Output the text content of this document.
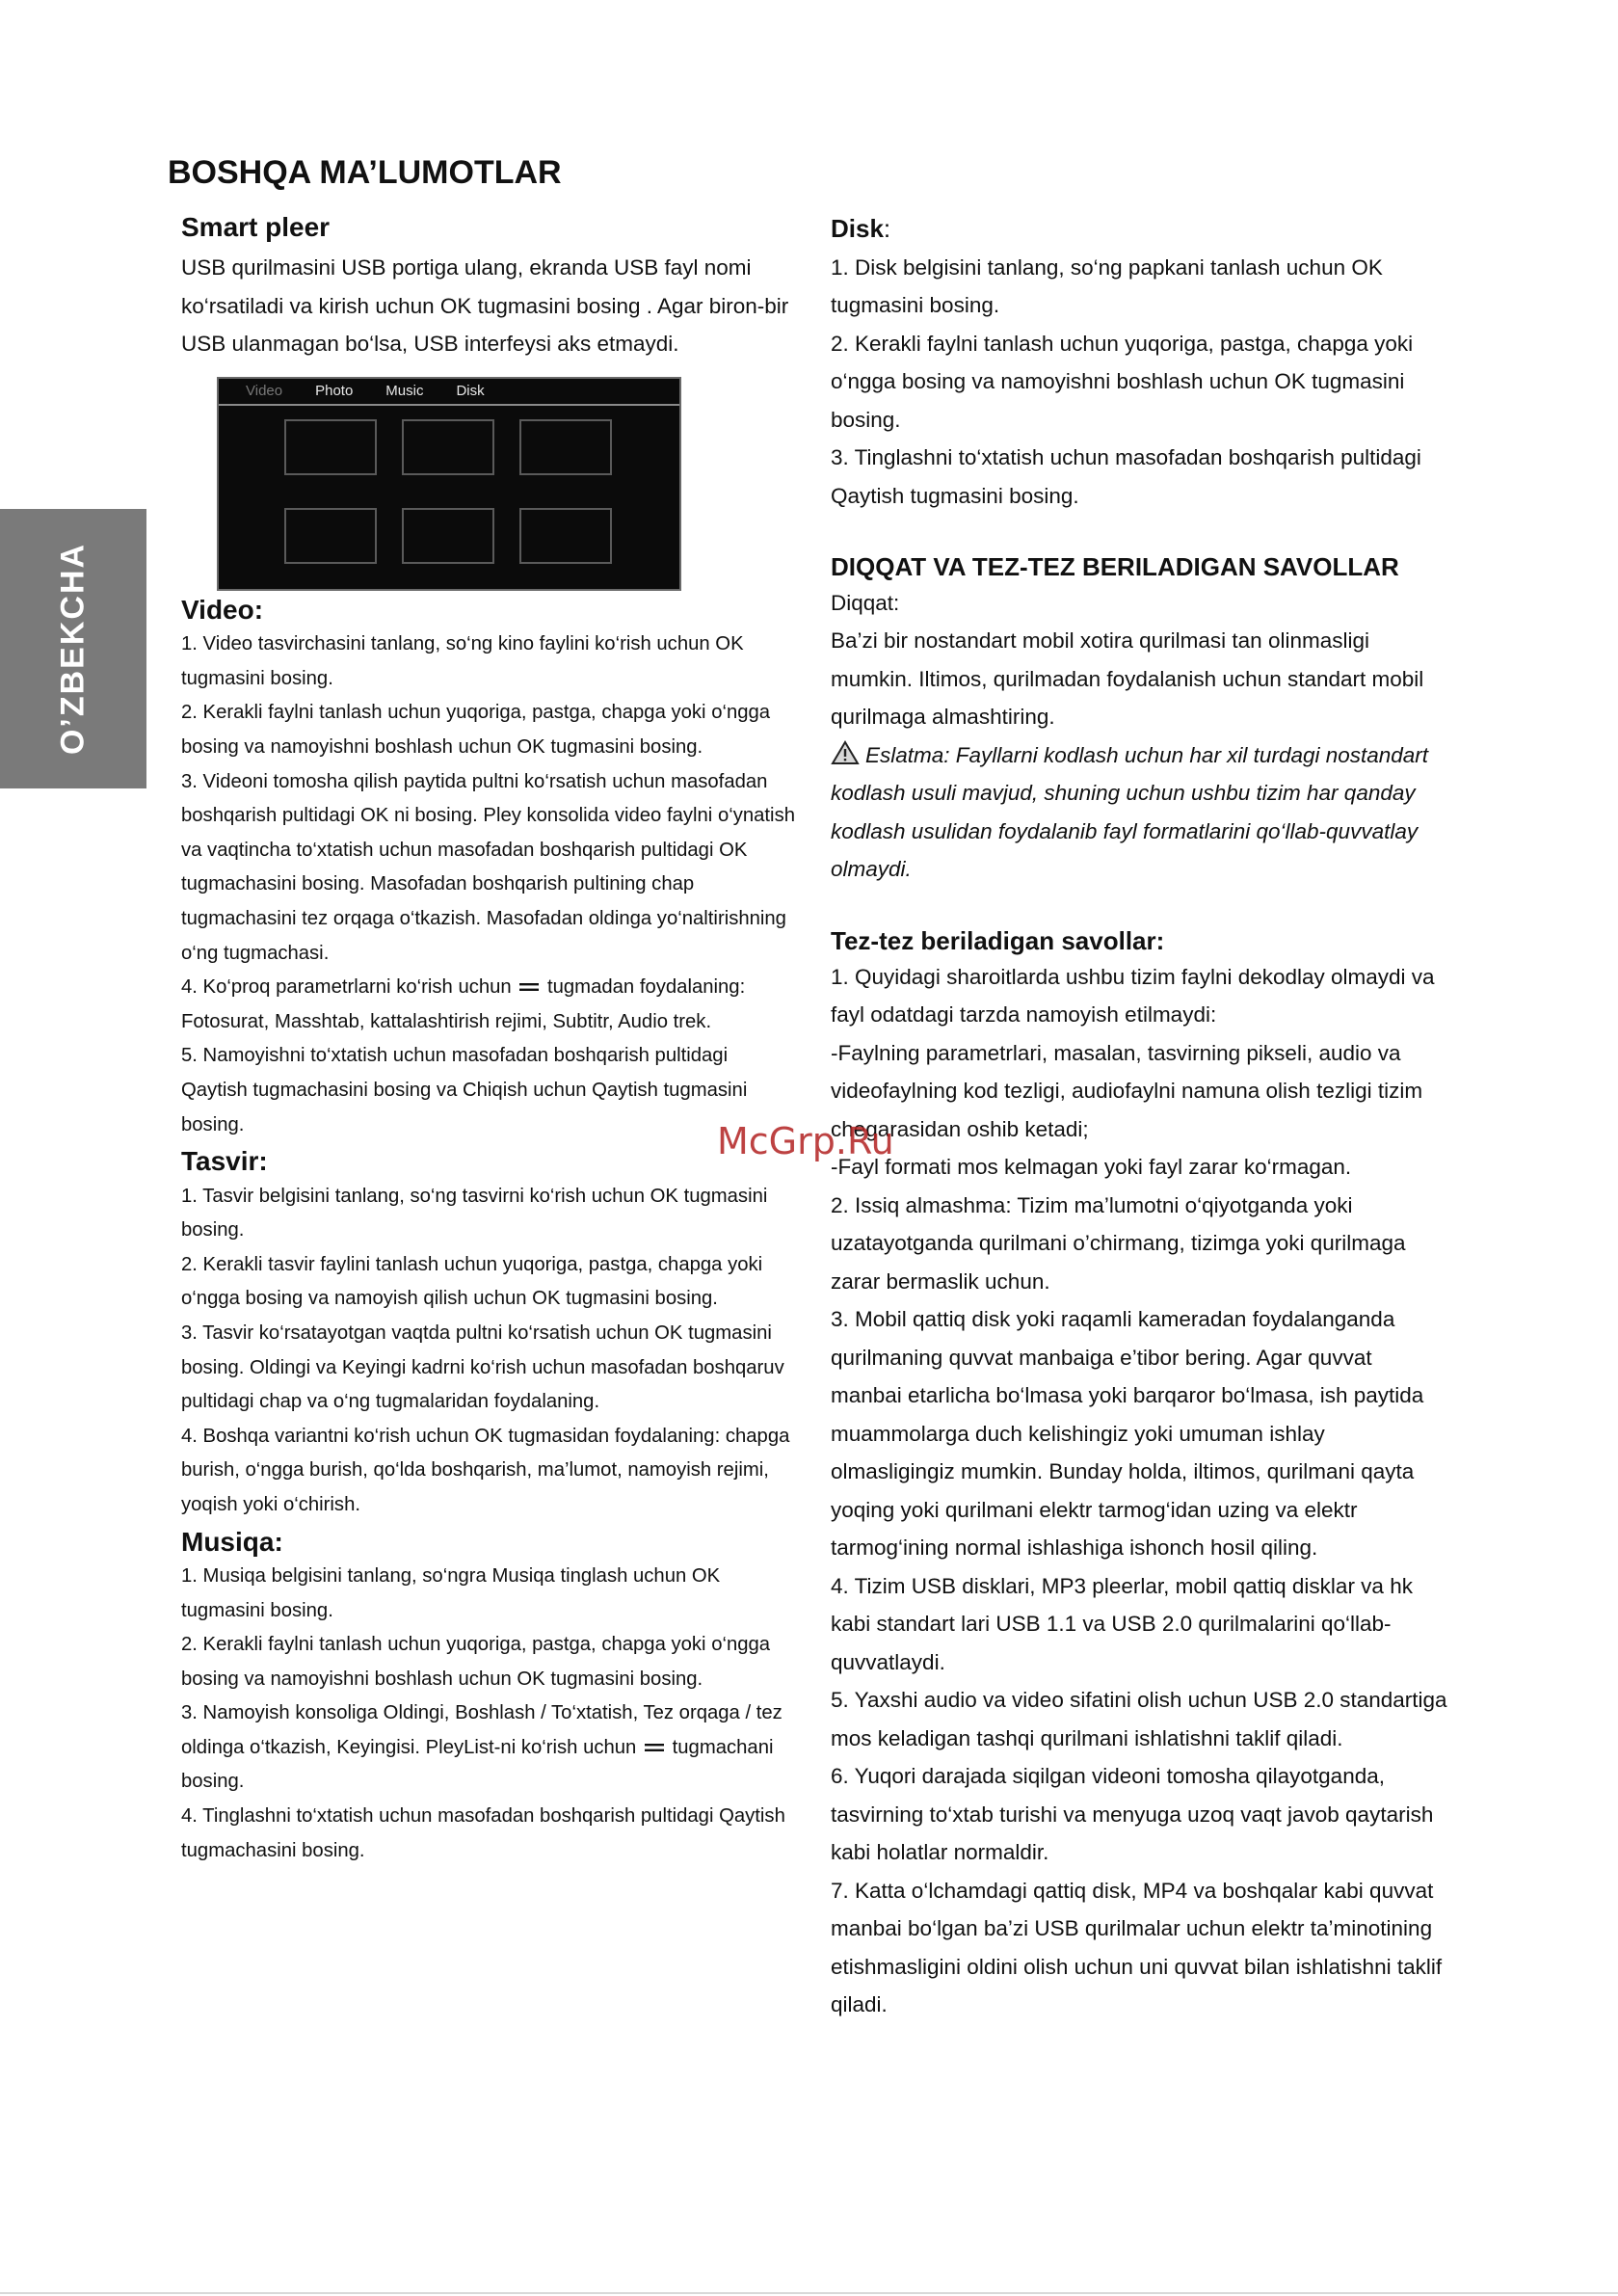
O’ZBEKCHA
BOSHQA MA’LUMOTLAR

Smart pleer

USB qurilmasini USB portiga ulang, ekranda USB fayl nomi ko‘rsatiladi va kirish uchun OK tugmasini bosing . Agar biron-bir USB ulanmagan bo‘lsa, USB interfeysi aks etmaydi.

Video Photo Music Disk

Video:

1. Video tasvirchasini tanlang, so‘ng kino faylini ko‘rish uchun OK tugmasini bosing.

2. Kerakli faylni tanlash uchun yuqoriga, pastga, chapga yoki o‘ngga bosing va namoyishni boshlash uchun OK tugmasini bosing.

3. Videoni tomosha qilish paytida pultni ko‘rsatish uchun masofadan boshqarish pultidagi OK ni bosing. Pley konsolida video faylni o‘ynatish va vaqtincha to‘xtatish uchun masofadan boshqarish pultidagi OK tugmachasini bosing. Masofadan boshqarish pultining chap tugmachasini tez orqaga o‘tkazish. Masofadan oldinga yo‘naltirishning o‘ng tugmachasi.

4. Ko‘proq parametrlarni ko‘rish uchun tugmadan foydalaning: Fotosurat, Masshtab, kattalashtirish rejimi, Subtitr, Audio trek.

5. Namoyishni to‘xtatish uchun masofadan boshqarish pultidagi Qaytish tugmachasini bosing va Chiqish uchun Qaytish tugmasini bosing.

Tasvir:

1. Tasvir belgisini tanlang, so‘ng tasvirni ko‘rish uchun OK tugmasini bosing.

2. Kerakli tasvir faylini tanlash uchun yuqoriga, pastga, chapga yoki o‘ngga bosing va namoyish qilish uchun OK tugmasini bosing.

3. Tasvir ko‘rsatayotgan vaqtda pultni ko‘rsatish uchun OK tugmasini bosing. Oldingi va Keyingi kadrni ko‘rish uchun masofadan boshqaruv pultidagi chap va o‘ng tugmalaridan foydalaning.

4. Boshqa variantni ko‘rish uchun OK tugmasidan foydalaning: chapga burish, o‘ngga burish, qo‘lda boshqarish, ma’lumot, namoyish rejimi, yoqish yoki o‘chirish.

Musiqa:

1. Musiqa belgisini tanlang, so‘ngra Musiqa tinglash uchun OK tugmasini bosing.

2. Kerakli faylni tanlash uchun yuqoriga, pastga, chapga yoki o‘ngga bosing va namoyishni boshlash uchun OK tugmasini bosing.

3. Namoyish konsoliga Oldingi, Boshlash / To‘xtatish, Tez orqaga / tez oldinga o‘tkazish, Keyingisi. PleyList-ni ko‘rish uchun tugmachani bosing.

4. Tinglashni to‘xtatish uchun masofadan boshqarish pultidagi Qaytish tugmachasini bosing.

Disk:

1. Disk belgisini tanlang, so‘ng papkani tanlash uchun OK tugmasini bosing.

2. Kerakli faylni tanlash uchun yuqoriga, pastga, chapga yoki o‘ngga bosing va namoyishni boshlash uchun OK tugmasini bosing.

3. Tinglashni to‘xtatish uchun masofadan boshqarish pultidagi Qaytish tugmasini bosing.

DIQQAT VA TEZ-TEZ BERILADIGAN SAVOLLAR

Diqqat:

Ba’zi bir nostandart mobil xotira qurilmasi tan olinmasligi mumkin. Iltimos, qurilmadan foydalanish uchun standart mobil qurilmaga almashtiring.

Eslatma: Fayllarni kodlash uchun har xil turdagi nostandart kodlash usuli mavjud, shuning uchun ushbu tizim har qanday kodlash usulidan foydalanib fayl formatlarini qo‘llab-quvvatlay olmaydi.

Tez-tez beriladigan savollar:

1. Quyidagi sharoitlarda ushbu tizim faylni dekodlay olmaydi va fayl odatdagi tarzda namoyish etilmaydi:

-Faylning parametrlari, masalan, tasvirning pikseli, audio va videofaylning kod tezligi, audiofaylni namuna olish tezligi tizim chegarasidan oshib ketadi;

-Fayl formati mos kelmagan yoki fayl zarar ko‘rmagan.

2. Issiq almashma: Tizim ma’lumotni o‘qiyotganda yoki uzatayotganda qurilmani o’chirmang, tizimga yoki qurilmaga zarar bermaslik uchun.

3. Mobil qattiq disk yoki raqamli kameradan foydalanganda qurilmaning quvvat manbaiga e’tibor bering. Agar quvvat manbai etarlicha bo‘lmasa yoki barqaror bo‘lmasa, ish paytida muammolarga duch kelishingiz yoki umuman ishlay olmasligingiz mumkin. Bunday holda, iltimos, qurilmani qayta yoqing yoki qurilmani elektr tarmog‘idan uzing va elektr tarmog‘ining normal ishlashiga ishonch hosil qiling.

4. Tizim USB disklari, MP3 pleerlar, mobil qattiq disklar va hk kabi standart lari USB 1.1 va USB 2.0 qurilmalarini qo‘llab-quvvatlaydi.

5. Yaxshi audio va video sifatini olish uchun USB 2.0 standartiga mos keladigan tashqi qurilmani ishlatishni taklif qiladi.

6. Yuqori darajada siqilgan videoni tomosha qilayotganda, tasvirning to‘xtab turishi va menyuga uzoq vaqt javob qaytarish kabi holatlar normaldir.

7. Katta o‘lchamdagi qattiq disk, MP4 va boshqalar kabi quvvat manbai bo‘lgan ba’zi USB qurilmalar uchun elektr ta’minotining etishmasligini oldini olish uchun uni quvvat bilan ishlatishni taklif qiladi.

McGrp.Ru
